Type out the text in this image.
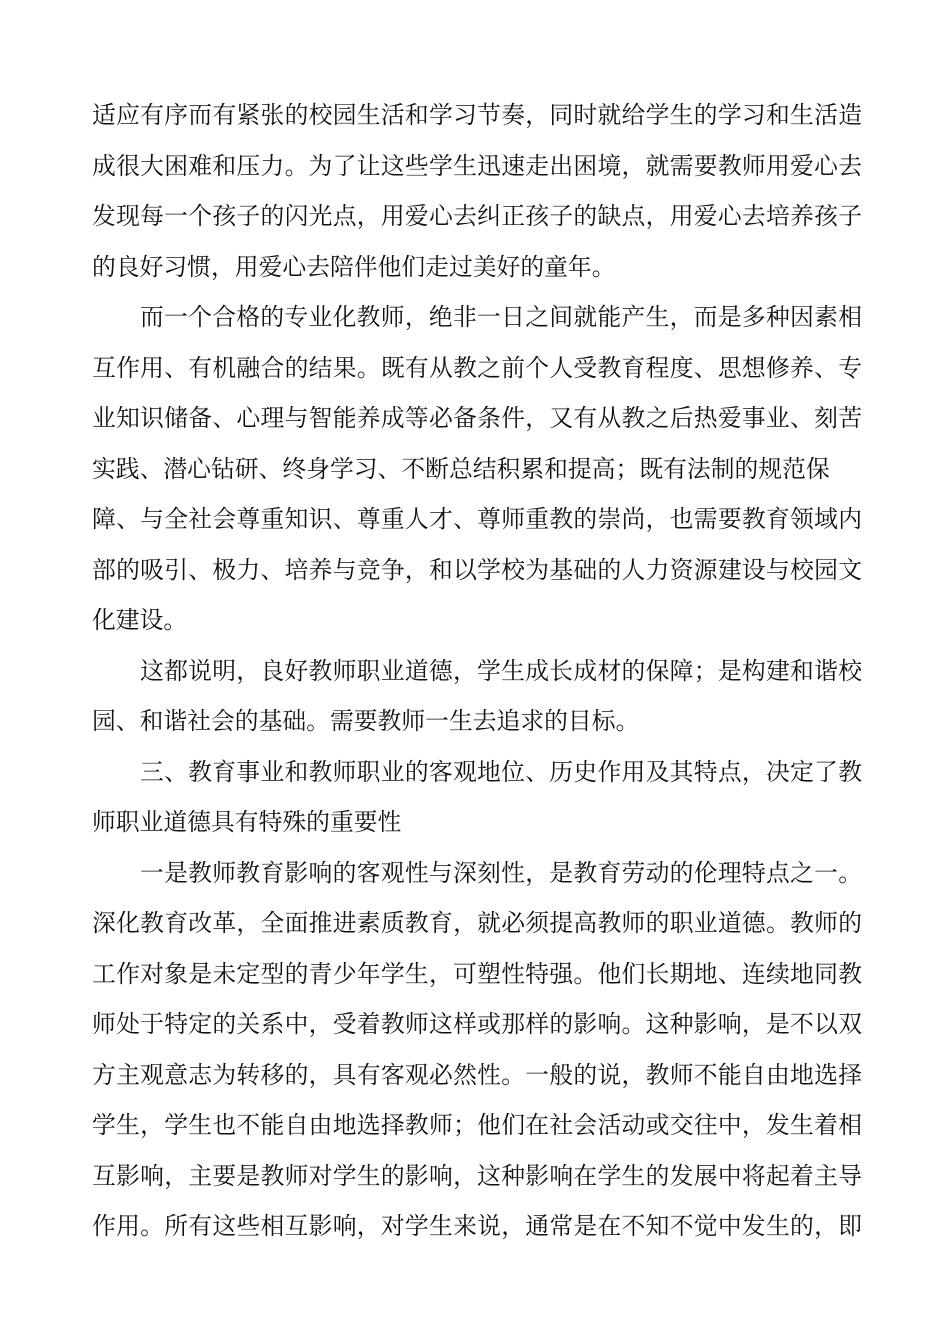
适应有序而有紧张的校园生活和学习节奏，同时就给学生的学习和生活造
成很大困难和压力。为了让这些学生迅速走出困境，就需要教师用爱心去
发现每一个孩子的闪光点，用爱心去纠正孩子的缺点，用爱心去培养孩子
的良好习惯，用爱心去陪伴他们走过美好的童年。
而一个合格的专业化教师，绝非一日之间就能产生，而是多种因素相
互作用、有机融合的结果。既有从教之前个人受教育程度、思想修养、专
业知识储备、心理与智能养成等必备条件，又有从教之后热爱事业、刻苦
实践、潜心钻研、终身学习、不断总结积累和提高；既有法制的规范保
障、与全社会尊重知识、尊重人才、尊师重教的崇尚，也需要教育领域内
部的吸引、极力、培养与竞争，和以学校为基础的人力资源建设与校园文
化建设。
这都说明，良好教师职业道德，学生成长成材的保障；是构建和谐校
园、和谐社会的基础。需要教师一生去追求的目标。
三、教育事业和教师职业的客观地位、历史作用及其特点，决定了教
师职业道德具有特殊的重要性
一是教师教育影响的客观性与深刻性，是教育劳动的伦理特点之一。
深化教育改革，全面推进素质教育，就必须提高教师的职业道德。教师的
工作对象是未定型的青少年学生，可塑性特强。他们长期地、连续地同教
师处于特定的关系中，受着教师这样或那样的影响。这种影响，是不以双
方主观意志为转移的，具有客观必然性。一般的说，教师不能自由地选择
学生，学生也不能自由地选择教师；他们在社会活动或交往中，发生着相
互影响，主要是教师对学生的影响，这种影响在学生的发展中将起着主导
作用。所有这些相互影响，对学生来说，通常是在不知不觉中发生的，即
